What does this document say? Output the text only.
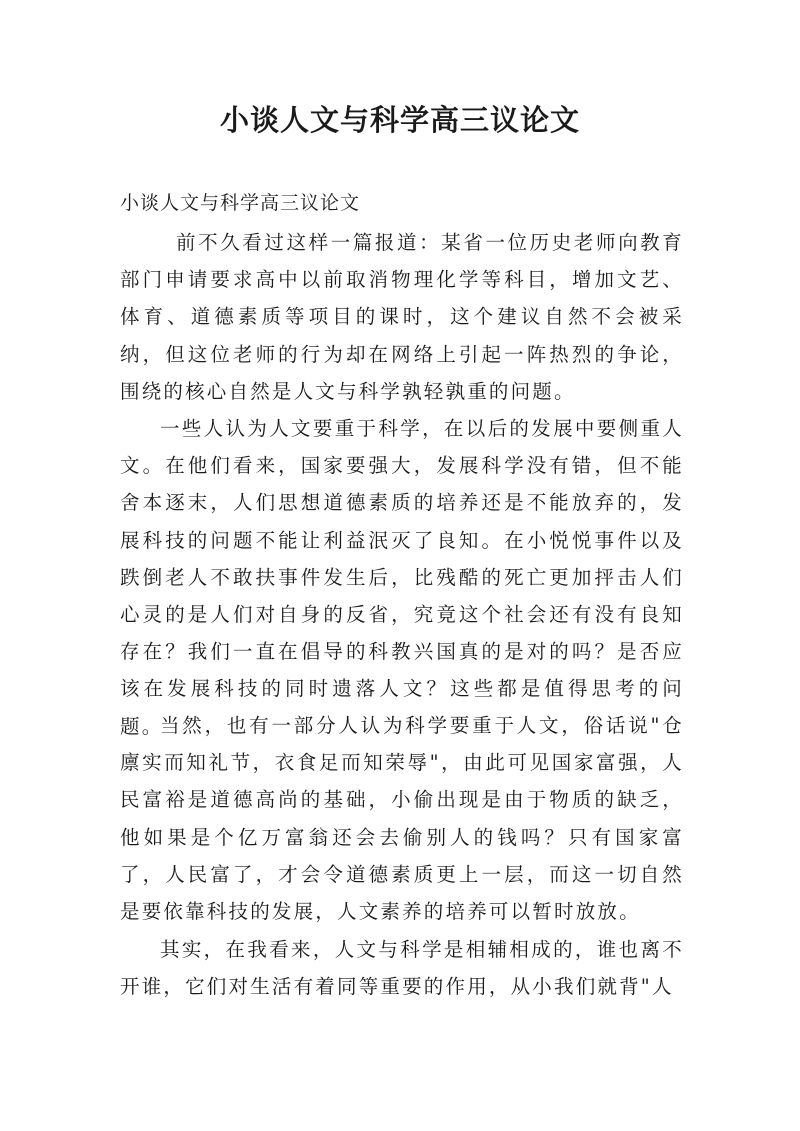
小谈人文与科学高三议论文
小谈人文与科学高三议论文

前不久看过这样一篇报道：某省一位历史老师向教育部门申请要求高中以前取消物理化学等科目，增加文艺、体育、道德素质等项目的课时，这个建议自然不会被采纳，但这位老师的行为却在网络上引起一阵热烈的争论，围绕的核心自然是人文与科学孰轻孰重的问题。

一些人认为人文要重于科学，在以后的发展中要侧重人文。在他们看来，国家要强大，发展科学没有错，但不能舍本逐末，人们思想道德素质的培养还是不能放弃的，发展科技的问题不能让利益泯灭了良知。在小悦悦事件以及跌倒老人不敢扶事件发生后，比残酷的死亡更加抨击人们心灵的是人们对自身的反省，究竟这个社会还有没有良知存在？我们一直在倡导的科教兴国真的是对的吗？是否应该在发展科技的同时遗落人文？这些都是值得思考的问题。

当然，也有一部分人认为科学要重于人文，俗话说"仓廪实而知礼节，衣食足而知荣辱"，由此可见国家富强，人民富裕是道德高尚的基础，小偷出现是由于物质的缺乏，他如果是个亿万富翁还会去偷别人的钱吗？只有国家富了，人民富了，才会令道德素质更上一层，而这一切自然是要依靠科技的发展，人文素养的培养可以暂时放放。

其实，在我看来，人文与科学是相辅相成的，谁也离不开谁，它们对生活有着同等重要的作用，从小我们就背"人
